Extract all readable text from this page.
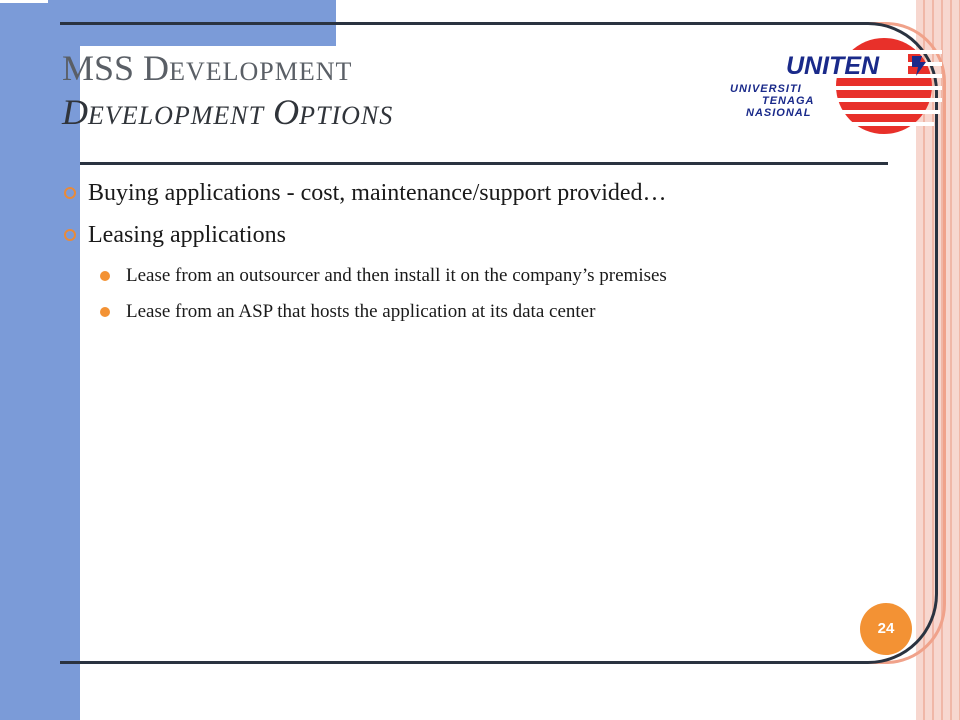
MSS DEVELOPMENT
DEVELOPMENT OPTIONS
UNITEN
UNIVERSITI
TENAGA
NASIONAL
Buying applications - cost, maintenance/support provided…
Leasing applications
Lease from an outsourcer and then install it on the company’s premises
Lease from an ASP that hosts the application at its data center
24
